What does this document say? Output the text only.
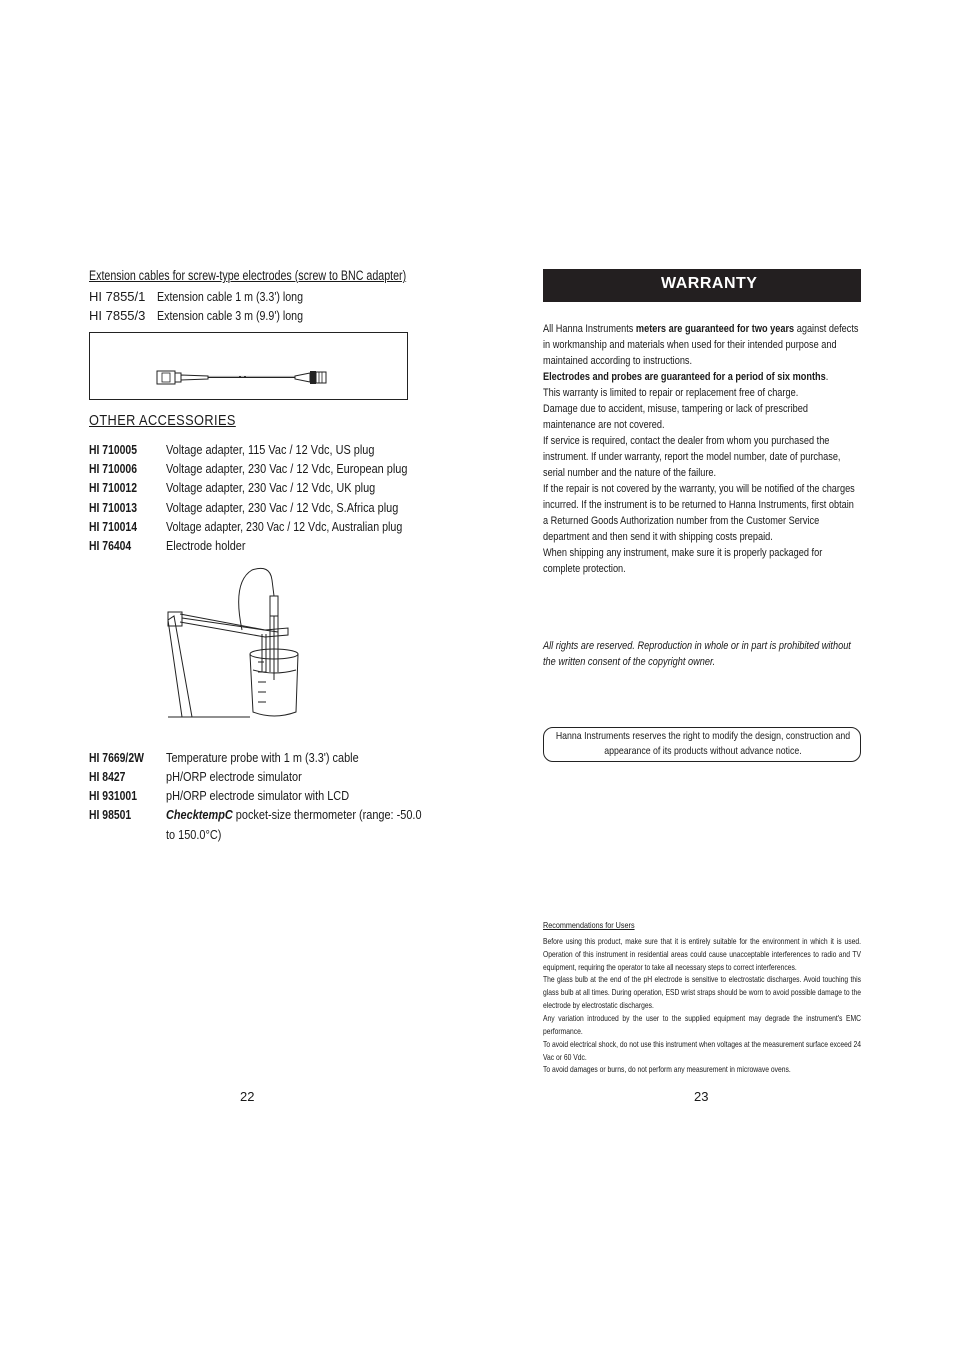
Extension cables for screw-type electrodes (screw to BNC adapter)
HI 7855/1 Extension cable 1 m (3.3') long
HI 7855/3 Extension cable 3 m (9.9') long
OTHER ACCESSORIES
HI 710005 Voltage adapter, 115 Vac / 12 Vdc, US plug
HI 710006 Voltage adapter, 230 Vac / 12 Vdc, European plug
HI 710012 Voltage adapter, 230 Vac / 12 Vdc, UK plug
HI 710013 Voltage adapter, 230 Vac / 12 Vdc, S.Africa plug
HI 710014 Voltage adapter, 230 Vac / 12 Vdc, Australian plug
HI 76404	Electrode holder
HI 7669/2W Temperature probe with 1 m (3.3') cable
HI 8427	pH/ORP electrode simulator
HI 931001 pH/ORP electrode simulator with LCD
HI 98501	ChecktempC pocket-size thermometer (range: -50.0
to 150.0°C)
22
WARRANTY
All Hanna Instruments meters are guaranteed for two years against defects in workmanship and materials when used for their intended purpose and maintained according to instructions.
Electrodes and probes are guaranteed for a period of six months.
This warranty is limited to repair or replacement free of charge.
Damage due to accident, misuse, tampering or lack of prescribed maintenance are not covered.
If service is required, contact the dealer from whom you purchased the instrument. If under warranty, report the model number, date of purchase, serial number and the nature of the failure.
If the repair is not covered by the warranty, you will be notified of the charges incurred. If the instrument is to be returned to Hanna Instruments, first obtain a Returned Goods Authorization number from the Customer Service department and then send it with shipping costs prepaid.
When shipping any instrument, make sure it is properly packaged for complete protection.
All rights are reserved. Reproduction in whole or in part is prohibited without the written consent of the copyright owner.
Hanna Instruments reserves the right to modify the design, construction and appearance of its products without advance notice.
Recommendations for Users
Before using this product, make sure that it is entirely suitable for the environment in which it is used. Operation of this instrument in residential areas could cause unacceptable interferences to radio and TV equipment, requiring the operator to take all necessary steps to correct interferences.
The glass bulb at the end of the pH electrode is sensitive to electrostatic discharges. Avoid touching this glass bulb at all times. During operation, ESD wrist straps should be worn to avoid possible damage to the electrode by electrostatic discharges.
Any variation introduced by the user to the supplied equipment may degrade the instrument's EMC performance.
To avoid electrical shock, do not use this instrument when voltages at the measurement surface exceed 24 Vac or 60 Vdc.
To avoid damages or burns, do not perform any measurement in microwave ovens.
23
